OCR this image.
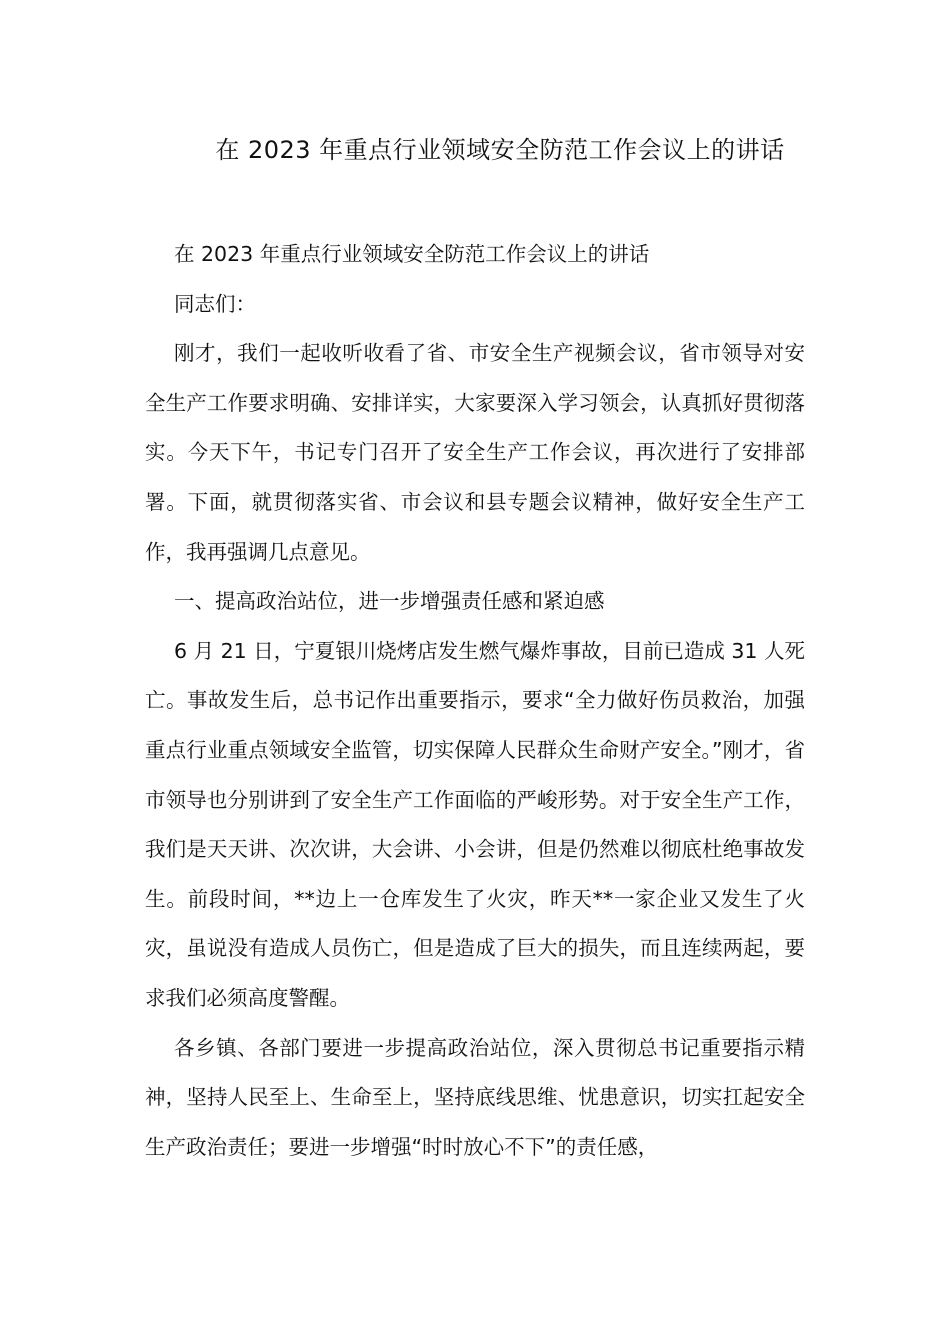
在 2023 年重点行业领域安全防范工作会议上的讲话

在 2023 年重点行业领域安全防范工作会议上的讲话

同志们：

刚才，我们一起收听收看了省、市安全生产视频会议，省市领导对安全生产工作要求明确、安排详实，大家要深入学习领会，认真抓好贯彻落实。今天下午，书记专门召开了安全生产工作会议，再次进行了安排部署。下面，就贯彻落实省、市会议和县专题会议精神，做好安全生产工作，我再强调几点意见。

一、提高政治站位，进一步增强责任感和紧迫感

6 月 21 日，宁夏银川烧烤店发生燃气爆炸事故，目前已造成 31 人死亡。事故发生后，总书记作出重要指示，要求“全力做好伤员救治，加强重点行业重点领域安全监管，切实保障人民群众生命财产安全。”刚才，省市领导也分别讲到了安全生产工作面临的严峻形势。对于安全生产工作，我们是天天讲、次次讲，大会讲、小会讲，但是仍然难以彻底杜绝事故发生。前段时间，**边上一仓库发生了火灾，昨天**一家企业又发生了火灾，虽说没有造成人员伤亡，但是造成了巨大的损失，而且连续两起，要求我们必须高度警醒。

各乡镇、各部门要进一步提高政治站位，深入贯彻总书记重要指示精神，坚持人民至上、生命至上，坚持底线思维、忧患意识，切实扛起安全生产政治责任；要进一步增强“时时放心不下”的责任感，
